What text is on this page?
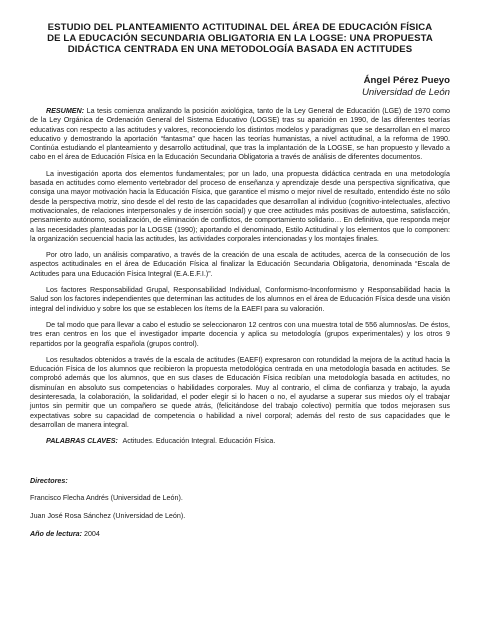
ESTUDIO DEL PLANTEAMIENTO ACTITUDINAL DEL ÁREA DE EDUCACIÓN FÍSICA
DE LA EDUCACIÓN SECUNDARIA OBLIGATORIA EN LA LOGSE: UNA PROPUESTA
DIDÁCTICA CENTRADA EN UNA METODOLOGÍA BASADA EN ACTITUDES
Ángel Pérez Pueyo
Universidad de León

RESUMEN: La tesis comienza analizando la posición axiológica, tanto de la Ley General de Educación (LGE) de 1970 como de la Ley Orgánica de Ordenación General del Sistema Educativo (LOGSE) tras su aparición en 1990, de las diferentes teorías educativas con respecto a las actitudes y valores, reconociendo los distintos modelos y paradigmas que se desarrollan en el marco educativo y demostrando la aportación “fantasma” que hacen las teorías humanistas, a nivel actitudinal, a la reforma de 1990. Continúa estudiando el planteamiento y desarrollo actitudinal, que tras la implantación de la LOGSE, se han propuesto y llevado a cabo en el área de Educación Física en la Educación Secundaria Obligatoria a través de análisis de diferentes documentos.

La investigación aporta dos elementos fundamentales; por un lado, una propuesta didáctica centrada en una metodología basada en actitudes como elemento vertebrador del proceso de enseñanza y aprendizaje desde una perspectiva significativa, que consiga una mayor motivación hacia la Educación Física, que garantice el mismo o mejor nivel de resultado, entendido éste no sólo desde la perspectiva motriz, sino desde el del resto de las capacidades que desarrollan al individuo (cognitivo-intelectuales, afectivo motivacionales, de relaciones interpersonales y de inserción social) y que cree actitudes más positivas de autoestima, satisfacción, pensamiento autónomo, socialización, de eliminación de conflictos, de comportamiento solidario… En definitiva, que responda mejor a las necesidades planteadas por la LOGSE (1990); aportando el denominado, Estilo Actitudinal y los elementos que lo componen: la organización secuencial hacia las actitudes, las actividades corporales intencionadas y los montajes finales.

Por otro lado, un análisis comparativo, a través de la creación de una escala de actitudes, acerca de la consecución de los aspectos actitudinales en el área de Educación Física al finalizar la Educación Secundaria Obligatoria, denominada “Escala de Actitudes para una Educación Física Integral (E.A.E.F.I.)”.

Los factores Responsabilidad Grupal, Responsabilidad Individual, Conformismo-Inconformismo y Responsabilidad hacia la Salud son los factores independientes que determinan las actitudes de los alumnos en el área de Educación Física desde una visión integral del individuo y sobre los que se establecen los ítems de la EAEFI para su valoración.

De tal modo que para llevar a cabo el estudio se seleccionaron 12 centros con una muestra total de 556 alumnos/as. De éstos, tres eran centros en los que el investigador imparte docencia y aplica su metodología (grupos experimentales) y los otros 9 repartidos por la geografía española (grupos control).

Los resultados obtenidos a través de la escala de actitudes (EAEFI) expresaron con rotundidad la mejora de la actitud hacia la Educación Física de los alumnos que recibieron la propuesta metodológica centrada en una metodología basada en actitudes. Se comprobó además que los alumnos, que en sus clases de Educación Física recibían una metodología basada en actitudes, no disminuían en absoluto sus competencias o habilidades corporales. Muy al contrario, el clima de confianza y trabajo, la ayuda desinteresada, la colaboración, la solidaridad, el poder elegir si lo hacen o no, el ayudarse a superar sus miedos o/y el trabajar juntos sin permitir que un compañero se quede atrás, (felicitándose del trabajo colectivo) permitía que todos mejorasen sus expectativas sobre su capacidad de competencia o habilidad a nivel corporal; además del resto de sus capacidades que le desarrollan de manera integral.

PALABRAS CLAVES: Actitudes. Educación Integral. Educación Física.
Directores:
Francisco Flecha Andrés (Universidad de León).
Juan José Rosa Sánchez (Universidad de León).
Año de lectura: 2004
